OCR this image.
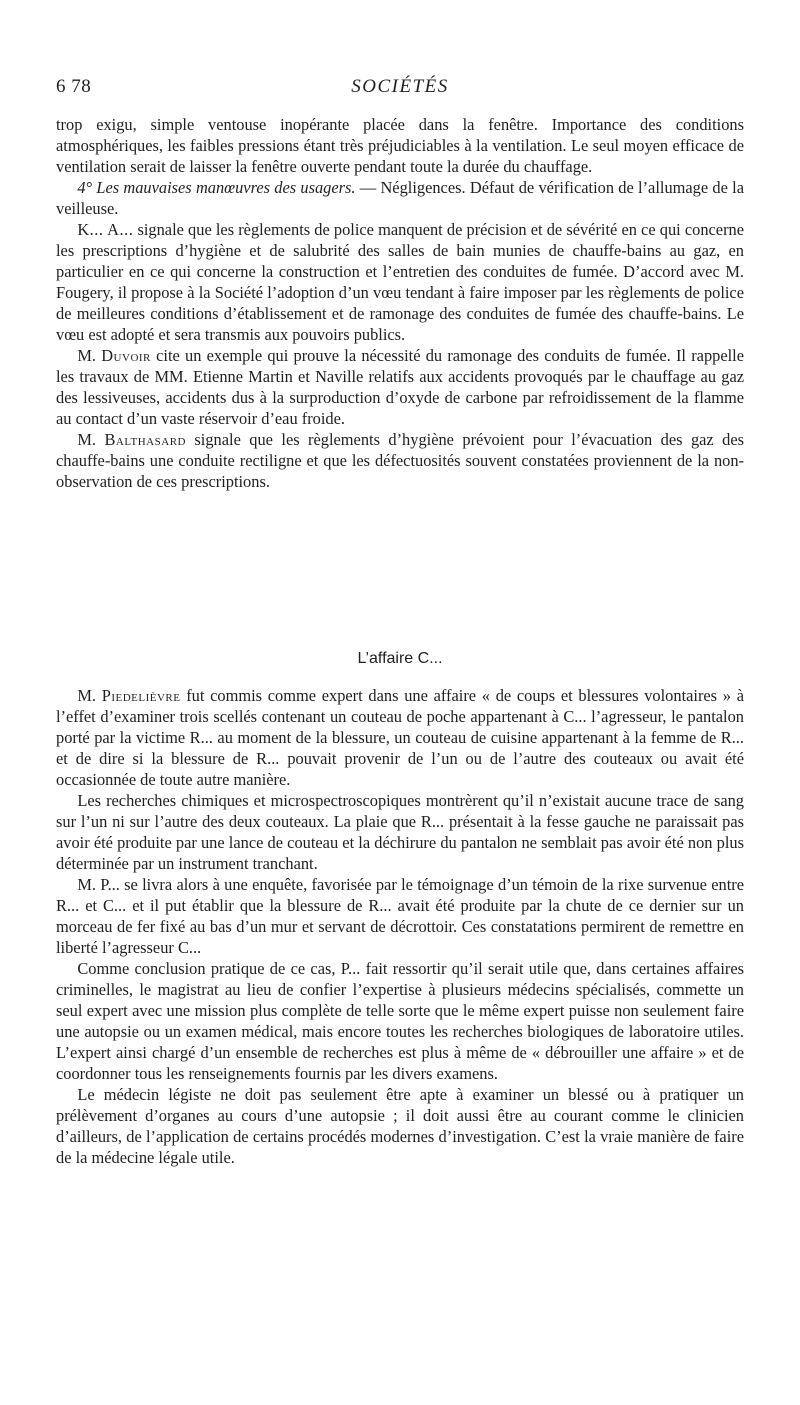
6 78	SOCIÉTÉS

trop exigu, simple ventouse inopérante placée dans la fenêtre. Importance des conditions atmosphériques, les faibles pressions étant très préjudiciables à la ventilation. Le seul moyen efficace de ventilation serait de laisser la fenêtre ouverte pendant toute la durée du chauffage.

4° Les mauvaises manœuvres des usagers. — Négligences. Défaut de vérification de l’allumage de la veilleuse.

K... A... signale que les règlements de police manquent de précision et de sévérité en ce qui concerne les prescriptions d’hygiène et de salubrité des salles de bain munies de chauffe-bains au gaz, en particulier en ce qui concerne la construction et l’entretien des conduites de fumée. D’accord avec M. Fougery, il propose à la Société l’adoption d’un vœu tendant à faire imposer par les règlements de police de meilleures conditions d’établissement et de ramonage des conduites de fumée des chauffe-bains. Le vœu est adopté et sera transmis aux pouvoirs publics.

M. Duvoir cite un exemple qui prouve la nécessité du ramonage des conduits de fumée. Il rappelle les travaux de MM. Etienne Martin et Naville relatifs aux accidents provoqués par le chauffage au gaz des lessiveuses, accidents dus à la surproduction d’oxyde de carbone par refroidissement de la flamme au contact d’un vaste réservoir d’eau froide.

M. Balthasard signale que les règlements d’hygiène prévoient pour l’évacuation des gaz des chauffe-bains une conduite rectiligne et que les défectuosités souvent constatées proviennent de la non-observation de ces prescriptions.

L’affaire C...

M. Piedelièvre fut commis comme expert dans une affaire « de coups et blessures volontaires » à l’effet d’examiner trois scellés contenant un couteau de poche appartenant à C... l’agresseur, le pantalon porté par la victime R... au moment de la blessure, un couteau de cuisine appartenant à la femme de R... et de dire si la blessure de R... pouvait provenir de l’un ou de l’autre des couteaux ou avait été occasionnée de toute autre manière.

Les recherches chimiques et microspectroscopiques montrèrent qu’il n’existait aucune trace de sang sur l’un ni sur l’autre des deux couteaux. La plaie que R... présentait à la fesse gauche ne paraissait pas avoir été produite par une lance de couteau et la déchirure du pantalon ne semblait pas avoir été non plus déterminée par un instrument tranchant.

M. P... se livra alors à une enquête, favorisée par le témoignage d’un témoin de la rixe survenue entre R... et C... et il put établir que la blessure de R... avait été produite par la chute de ce dernier sur un morceau de fer fixé au bas d’un mur et servant de décrottoir. Ces constatations permirent de remettre en liberté l’agresseur C...

Comme conclusion pratique de ce cas, P... fait ressortir qu’il serait utile que, dans certaines affaires criminelles, le magistrat au lieu de confier l’expertise à plusieurs médecins spécialisés, commette un seul expert avec une mission plus complète de telle sorte que le même expert puisse non seulement faire une autopsie ou un examen médical, mais encore toutes les recherches biologiques de laboratoire utiles. L’expert ainsi chargé d’un ensemble de recherches est plus à même de « débrouiller une affaire » et de coordonner tous les renseignements fournis par les divers examens.

Le médecin légiste ne doit pas seulement être apte à examiner un blessé ou à pratiquer un prélèvement d’organes au cours d’une autopsie ; il doit aussi être au courant comme le clinicien d’ailleurs, de l’application de certains procédés modernes d’investigation. C’est la vraie manière de faire de la médecine légale utile.
